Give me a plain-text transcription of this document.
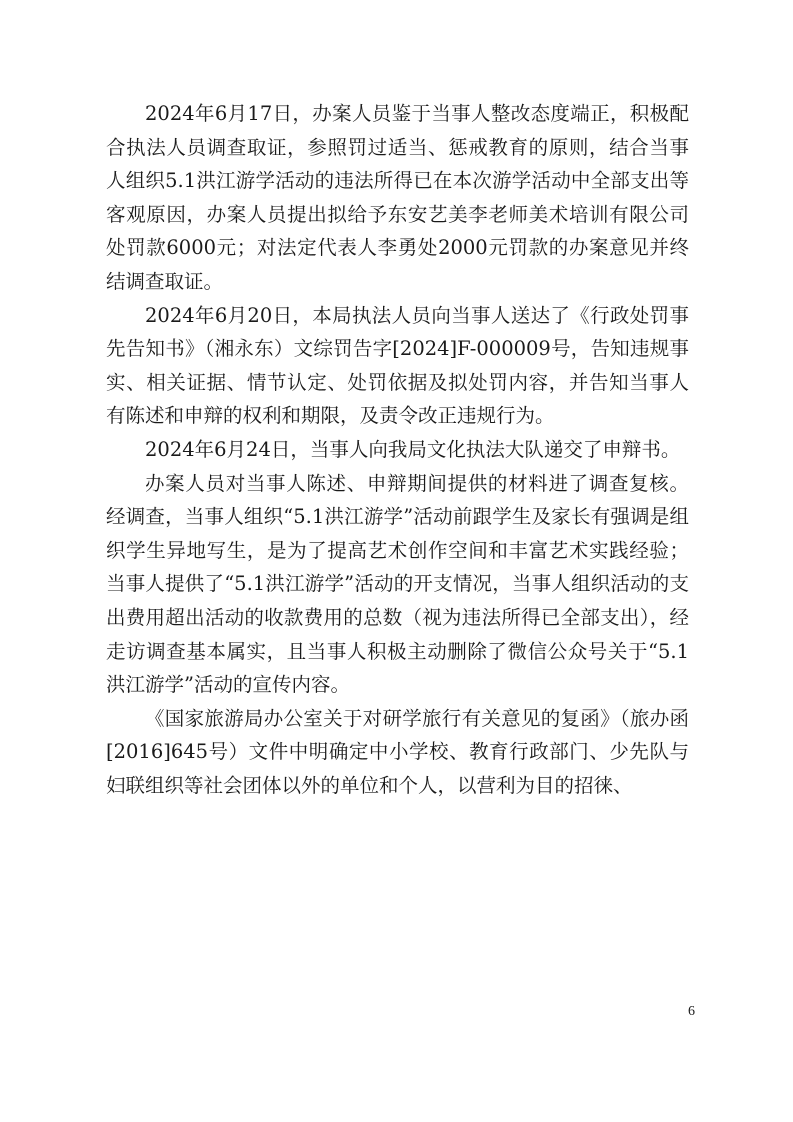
2024年6月17日，办案人员鉴于当事人整改态度端正，积极配合执法人员调查取证，参照罚过适当、惩戒教育的原则，结合当事人组织5.1洪江游学活动的违法所得已在本次游学活动中全部支出等客观原因，办案人员提出拟给予东安艺美李老师美术培训有限公司处罚款6000元；对法定代表人李勇处2000元罚款的办案意见并终结调查取证。

2024年6月20日，本局执法人员向当事人送达了《行政处罚事先告知书》（湘永东）文综罚告字[2024]F-000009号，告知违规事实、相关证据、情节认定、处罚依据及拟处罚内容，并告知当事人有陈述和申辩的权利和期限，及责令改正违规行为。

2024年6月24日，当事人向我局文化执法大队递交了申辩书。

办案人员对当事人陈述、申辩期间提供的材料进了调查复核。经调查，当事人组织“5.1洪江游学”活动前跟学生及家长有强调是组织学生异地写生，是为了提高艺术创作空间和丰富艺术实践经验；当事人提供了“5.1洪江游学”活动的开支情况，当事人组织活动的支出费用超出活动的收款费用的总数（视为违法所得已全部支出），经走访调查基本属实，且当事人积极主动删除了微信公众号关于“5.1洪江游学”活动的宣传内容。

《国家旅游局办公室关于对研学旅行有关意见的复函》（旅办函[2016]645号）文件中明确定中小学校、教育行政部门、少先队与妇联组织等社会团体以外的单位和个人，以营利为目的招徕、

6
